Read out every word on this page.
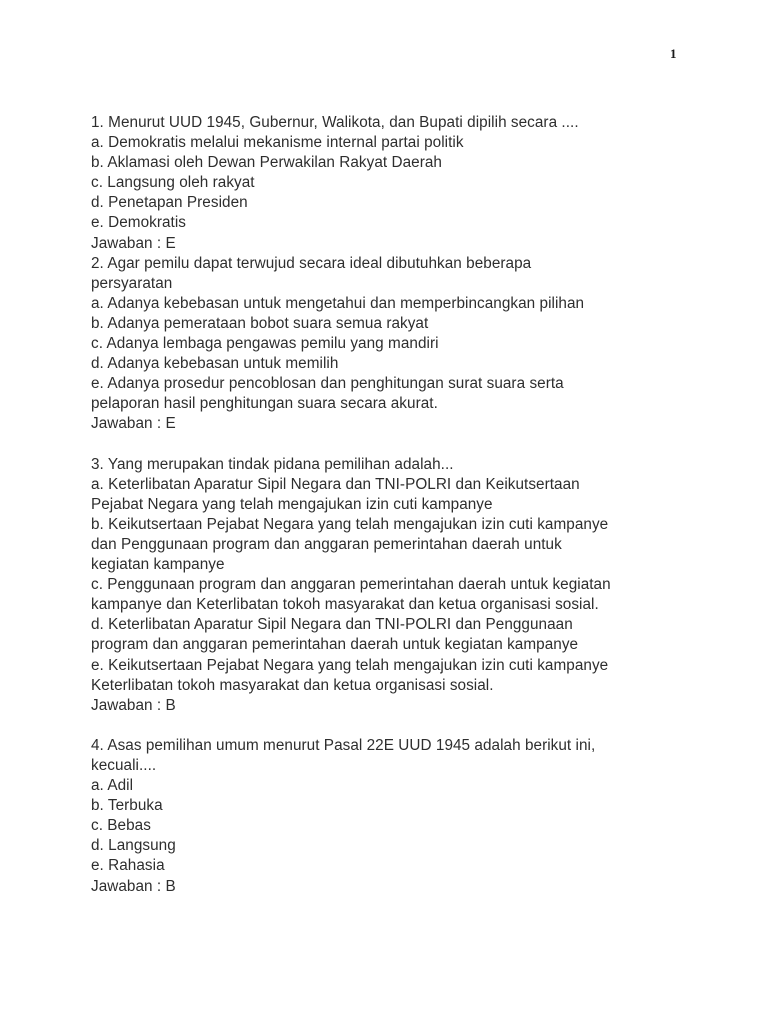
1
1. Menurut UUD 1945, Gubernur, Walikota, dan Bupati dipilih secara ....
a. Demokratis melalui mekanisme internal partai politik
b. Aklamasi oleh Dewan Perwakilan Rakyat Daerah
c. Langsung oleh rakyat
d. Penetapan Presiden
e. Demokratis
Jawaban : E
2. Agar pemilu dapat terwujud secara ideal dibutuhkan beberapa
persyaratan
a. Adanya kebebasan untuk mengetahui dan memperbincangkan pilihan
b. Adanya pemerataan bobot suara semua rakyat
c. Adanya lembaga pengawas pemilu yang mandiri
d. Adanya kebebasan untuk memilih
e. Adanya prosedur pencoblosan dan penghitungan surat suara serta
pelaporan hasil penghitungan suara secara akurat.
Jawaban : E
3. Yang merupakan tindak pidana pemilihan adalah...
a. Keterlibatan Aparatur Sipil Negara dan TNI-POLRI dan Keikutsertaan
Pejabat Negara yang telah mengajukan izin cuti kampanye
b. Keikutsertaan Pejabat Negara yang telah mengajukan izin cuti kampanye
dan Penggunaan program dan anggaran pemerintahan daerah untuk
kegiatan kampanye
c. Penggunaan program dan anggaran pemerintahan daerah untuk kegiatan
kampanye dan Keterlibatan tokoh masyarakat dan ketua organisasi sosial.
d. Keterlibatan Aparatur Sipil Negara dan TNI-POLRI dan Penggunaan
program dan anggaran pemerintahan daerah untuk kegiatan kampanye
e. Keikutsertaan Pejabat Negara yang telah mengajukan izin cuti kampanye
Keterlibatan tokoh masyarakat dan ketua organisasi sosial.
Jawaban : B
4. Asas pemilihan umum menurut Pasal 22E UUD 1945 adalah berikut ini,
kecuali....
a. Adil
b. Terbuka
c. Bebas
d. Langsung
e. Rahasia
Jawaban : B
